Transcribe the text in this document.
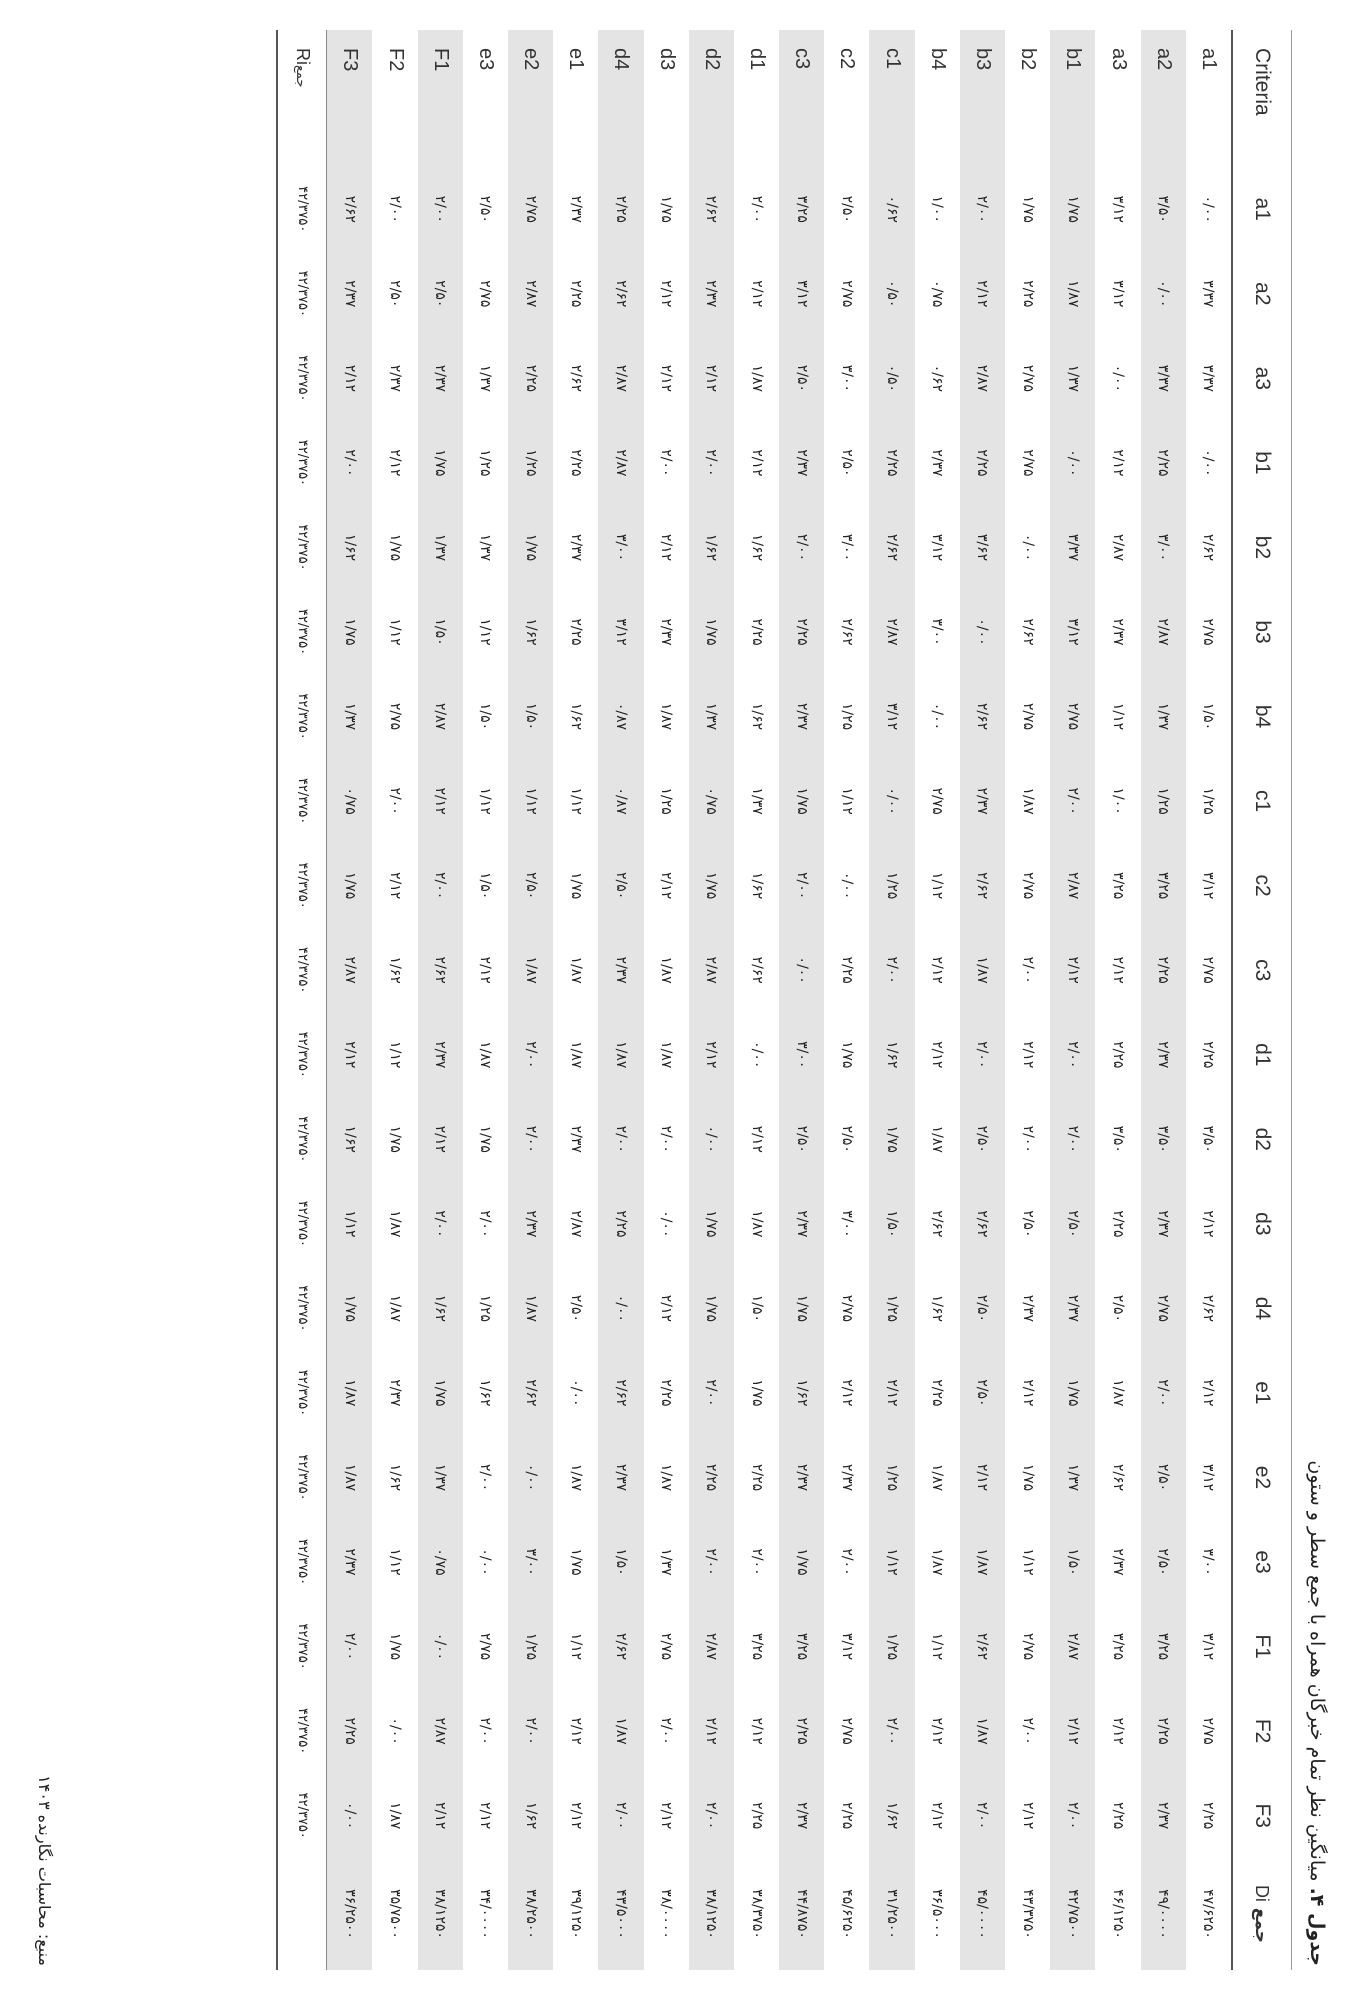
جدول ۴. میانگین نظر تمام خبرگان همراه با جمع سطر و ستون
Criteria	a1	a2	a3	b1	b2	b3	b4	c1	c2	c3	d1	d2	d3	d4	e1	e2	e3	F1	F2	F3	Di جمع
a1	۰/۰۰	۳/۳۷	۳/۳۷	۰/۰۰	۲/۶۲	۲/۷۵	۱/۵۰	۱/۲۵	۳/۱۲	۲/۷۵	۲/۲۵	۳/۵۰	۲/۱۲	۲/۶۲	۲/۱۲	۳/۱۲	۳/۰۰	۳/۱۲	۲/۷۵	۲/۲۵	۴۷/۶۲۵۰
a2	۳/۵۰	۰/۰۰	۳/۳۷	۲/۲۵	۳/۰۰	۲/۸۷	۱/۳۷	۱/۲۵	۳/۲۵	۲/۲۵	۲/۳۷	۳/۵۰	۲/۳۷	۲/۷۵	۲/۰۰	۲/۵۰	۲/۵۰	۳/۲۵	۲/۲۵	۲/۳۷	۴۹/۰۰۰۰
a3	۳/۱۲	۳/۱۲	۰/۰۰	۲/۱۲	۲/۸۷	۲/۳۷	۱/۱۲	۱/۰۰	۳/۲۵	۲/۱۲	۲/۲۵	۳/۵۰	۲/۲۵	۲/۵۰	۱/۸۷	۲/۶۲	۲/۳۷	۳/۲۵	۲/۱۲	۲/۲۵	۴۶/۱۲۵۰
b1	۱/۷۵	۱/۸۷	۱/۳۷	۰/۰۰	۳/۳۷	۳/۱۲	۲/۷۵	۲/۰۰	۲/۸۷	۲/۱۲	۲/۰۰	۲/۰۰	۲/۵۰	۲/۳۷	۱/۷۵	۱/۳۷	۱/۵۰	۲/۸۷	۲/۱۲	۲/۰۰	۴۲/۷۵۰۰
b2	۱/۷۵	۲/۲۵	۲/۷۵	۲/۷۵	۰/۰۰	۲/۶۲	۲/۷۵	۱/۸۷	۲/۷۵	۲/۰۰	۲/۱۲	۲/۰۰	۲/۵۰	۲/۳۷	۲/۱۲	۱/۷۵	۱/۱۲	۲/۷۵	۲/۰۰	۲/۱۲	۴۳/۳۷۵۰
b3	۲/۰۰	۲/۱۲	۲/۸۷	۲/۲۵	۳/۶۲	۰/۰۰	۲/۶۲	۲/۳۷	۲/۶۲	۱/۸۷	۲/۰۰	۲/۵۰	۲/۶۲	۲/۵۰	۲/۵۰	۲/۱۲	۱/۸۷	۲/۶۲	۱/۸۷	۲/۰۰	۴۵/۰۰۰۰
b4	۱/۰۰	۰/۷۵	۰/۶۲	۲/۳۷	۳/۱۲	۳/۰۰	۰/۰۰	۲/۷۵	۱/۱۲	۲/۱۲	۲/۱۲	۱/۸۷	۲/۶۲	۱/۶۲	۲/۲۵	۱/۸۷	۱/۸۷	۱/۱۲	۲/۱۲	۲/۱۲	۳۶/۵۰۰۰
c1	۰/۶۲	۰/۵۰	۰/۵۰	۲/۲۵	۲/۶۲	۲/۸۷	۳/۱۲	۰/۰۰	۱/۲۵	۲/۰۰	۱/۶۲	۱/۷۵	۱/۵۰	۱/۲۵	۲/۱۲	۱/۲۵	۱/۱۲	۱/۲۵	۲/۰۰	۱/۶۲	۳۱/۲۵۰۰
c2	۲/۵۰	۲/۷۵	۳/۰۰	۲/۵۰	۳/۰۰	۲/۶۲	۱/۲۵	۱/۱۲	۰/۰۰	۲/۲۵	۱/۷۵	۲/۵۰	۳/۰۰	۲/۷۵	۲/۱۲	۲/۳۷	۲/۰۰	۳/۱۲	۲/۷۵	۲/۲۵	۴۵/۶۲۵۰
c3	۳/۲۵	۳/۱۲	۲/۵۰	۲/۳۷	۲/۰۰	۲/۲۵	۲/۳۷	۱/۷۵	۲/۰۰	۰/۰۰	۳/۰۰	۲/۵۰	۲/۳۷	۱/۷۵	۱/۶۲	۲/۳۷	۱/۷۵	۳/۲۵	۲/۲۵	۲/۳۷	۴۴/۸۷۵۰
d1	۲/۰۰	۲/۱۲	۱/۸۷	۲/۱۲	۱/۶۲	۲/۲۵	۱/۶۲	۱/۳۷	۱/۶۲	۲/۶۲	۰/۰۰	۲/۱۲	۱/۸۷	۱/۵۰	۱/۷۵	۲/۲۵	۲/۰۰	۳/۲۵	۲/۱۲	۲/۲۵	۳۸/۳۷۵۰
d2	۲/۶۲	۲/۳۷	۲/۱۲	۲/۰۰	۱/۶۲	۱/۷۵	۱/۳۷	۰/۷۵	۱/۷۵	۲/۸۷	۲/۱۲	۰/۰۰	۱/۷۵	۱/۷۵	۲/۰۰	۲/۲۵	۲/۰۰	۲/۸۷	۲/۱۲	۲/۰۰	۳۸/۱۲۵۰
d3	۱/۷۵	۲/۱۲	۲/۱۲	۲/۰۰	۲/۱۲	۲/۳۷	۱/۸۷	۱/۲۵	۲/۱۲	۱/۸۷	۱/۸۷	۲/۰۰	۰/۰۰	۲/۱۲	۲/۲۵	۱/۸۷	۱/۳۷	۲/۷۵	۲/۰۰	۲/۱۲	۳۸/۰۰۰۰
d4	۲/۲۵	۲/۶۲	۲/۸۷	۲/۸۷	۳/۰۰	۳/۱۲	۰/۸۷	۰/۸۷	۲/۵۰	۲/۳۷	۱/۸۷	۲/۰۰	۲/۲۵	۰/۰۰	۲/۶۲	۲/۳۷	۱/۵۰	۲/۶۲	۱/۸۷	۲/۰۰	۴۳/۵۰۰۰
e1	۲/۳۷	۲/۲۵	۲/۶۲	۲/۲۵	۲/۳۷	۲/۲۵	۱/۶۲	۱/۱۲	۱/۷۵	۱/۸۷	۱/۸۷	۲/۳۷	۲/۸۷	۲/۵۰	۰/۰۰	۱/۸۷	۱/۷۵	۱/۱۲	۲/۱۲	۲/۱۲	۳۹/۱۲۵۰
e2	۲/۷۵	۲/۸۷	۲/۲۵	۱/۲۵	۱/۷۵	۱/۶۲	۱/۵۰	۱/۱۲	۲/۵۰	۱/۸۷	۲/۰۰	۲/۰۰	۲/۳۷	۱/۸۷	۲/۶۲	۰/۰۰	۳/۰۰	۱/۲۵	۲/۰۰	۱/۶۲	۳۸/۲۵۰۰
e3	۲/۵۰	۲/۷۵	۱/۳۷	۱/۲۵	۱/۳۷	۱/۱۲	۱/۵۰	۱/۱۲	۱/۵۰	۲/۱۲	۱/۸۷	۱/۷۵	۲/۰۰	۱/۲۵	۱/۶۲	۲/۰۰	۰/۰۰	۲/۷۵	۲/۰۰	۲/۱۲	۳۴/۰۰۰۰
F1	۲/۰۰	۲/۵۰	۲/۳۷	۱/۷۵	۱/۳۷	۱/۵۰	۲/۸۷	۲/۱۲	۲/۰۰	۲/۶۲	۲/۳۷	۲/۱۲	۲/۰۰	۱/۶۲	۱/۷۵	۱/۳۷	۰/۷۵	۰/۰۰	۲/۸۷	۲/۱۲	۳۸/۱۲۵۰
F2	۲/۰۰	۲/۵۰	۲/۳۷	۲/۱۲	۱/۷۵	۱/۱۲	۲/۷۵	۲/۰۰	۲/۱۲	۱/۶۲	۱/۱۲	۱/۷۵	۱/۸۷	۱/۸۷	۲/۳۷	۱/۶۲	۱/۱۲	۱/۷۵	۰/۰۰	۱/۸۷	۳۵/۷۵۰۰
F3	۲/۶۲	۲/۳۷	۲/۱۲	۲/۰۰	۱/۶۲	۱/۷۵	۱/۳۷	۰/۷۵	۱/۷۵	۲/۸۷	۲/۱۲	۱/۶۲	۱/۱۲	۱/۷۵	۱/۸۷	۱/۸۷	۲/۳۷	۲/۰۰	۲/۲۵	۰/۰۰	۳۶/۲۵۰۰
Riجمع	۴۲/۳۷۵۰	۴۲/۳۷۵۰	۴۲/۳۷۵۰	۴۲/۳۷۵۰	۴۲/۳۷۵۰	۴۲/۳۷۵۰	۴۲/۳۷۵۰	۴۲/۳۷۵۰	۴۲/۳۷۵۰	۴۲/۳۷۵۰	۴۲/۳۷۵۰	۴۲/۳۷۵۰	۴۲/۳۷۵۰	۴۲/۳۷۵۰	۴۲/۳۷۵۰	۴۲/۳۷۵۰	۴۲/۳۷۵۰	۴۲/۳۷۵۰	۴۲/۳۷۵۰	۴۲/۳۷۵۰	
منبع: محاسبات نگارنده ۱۴۰۳
